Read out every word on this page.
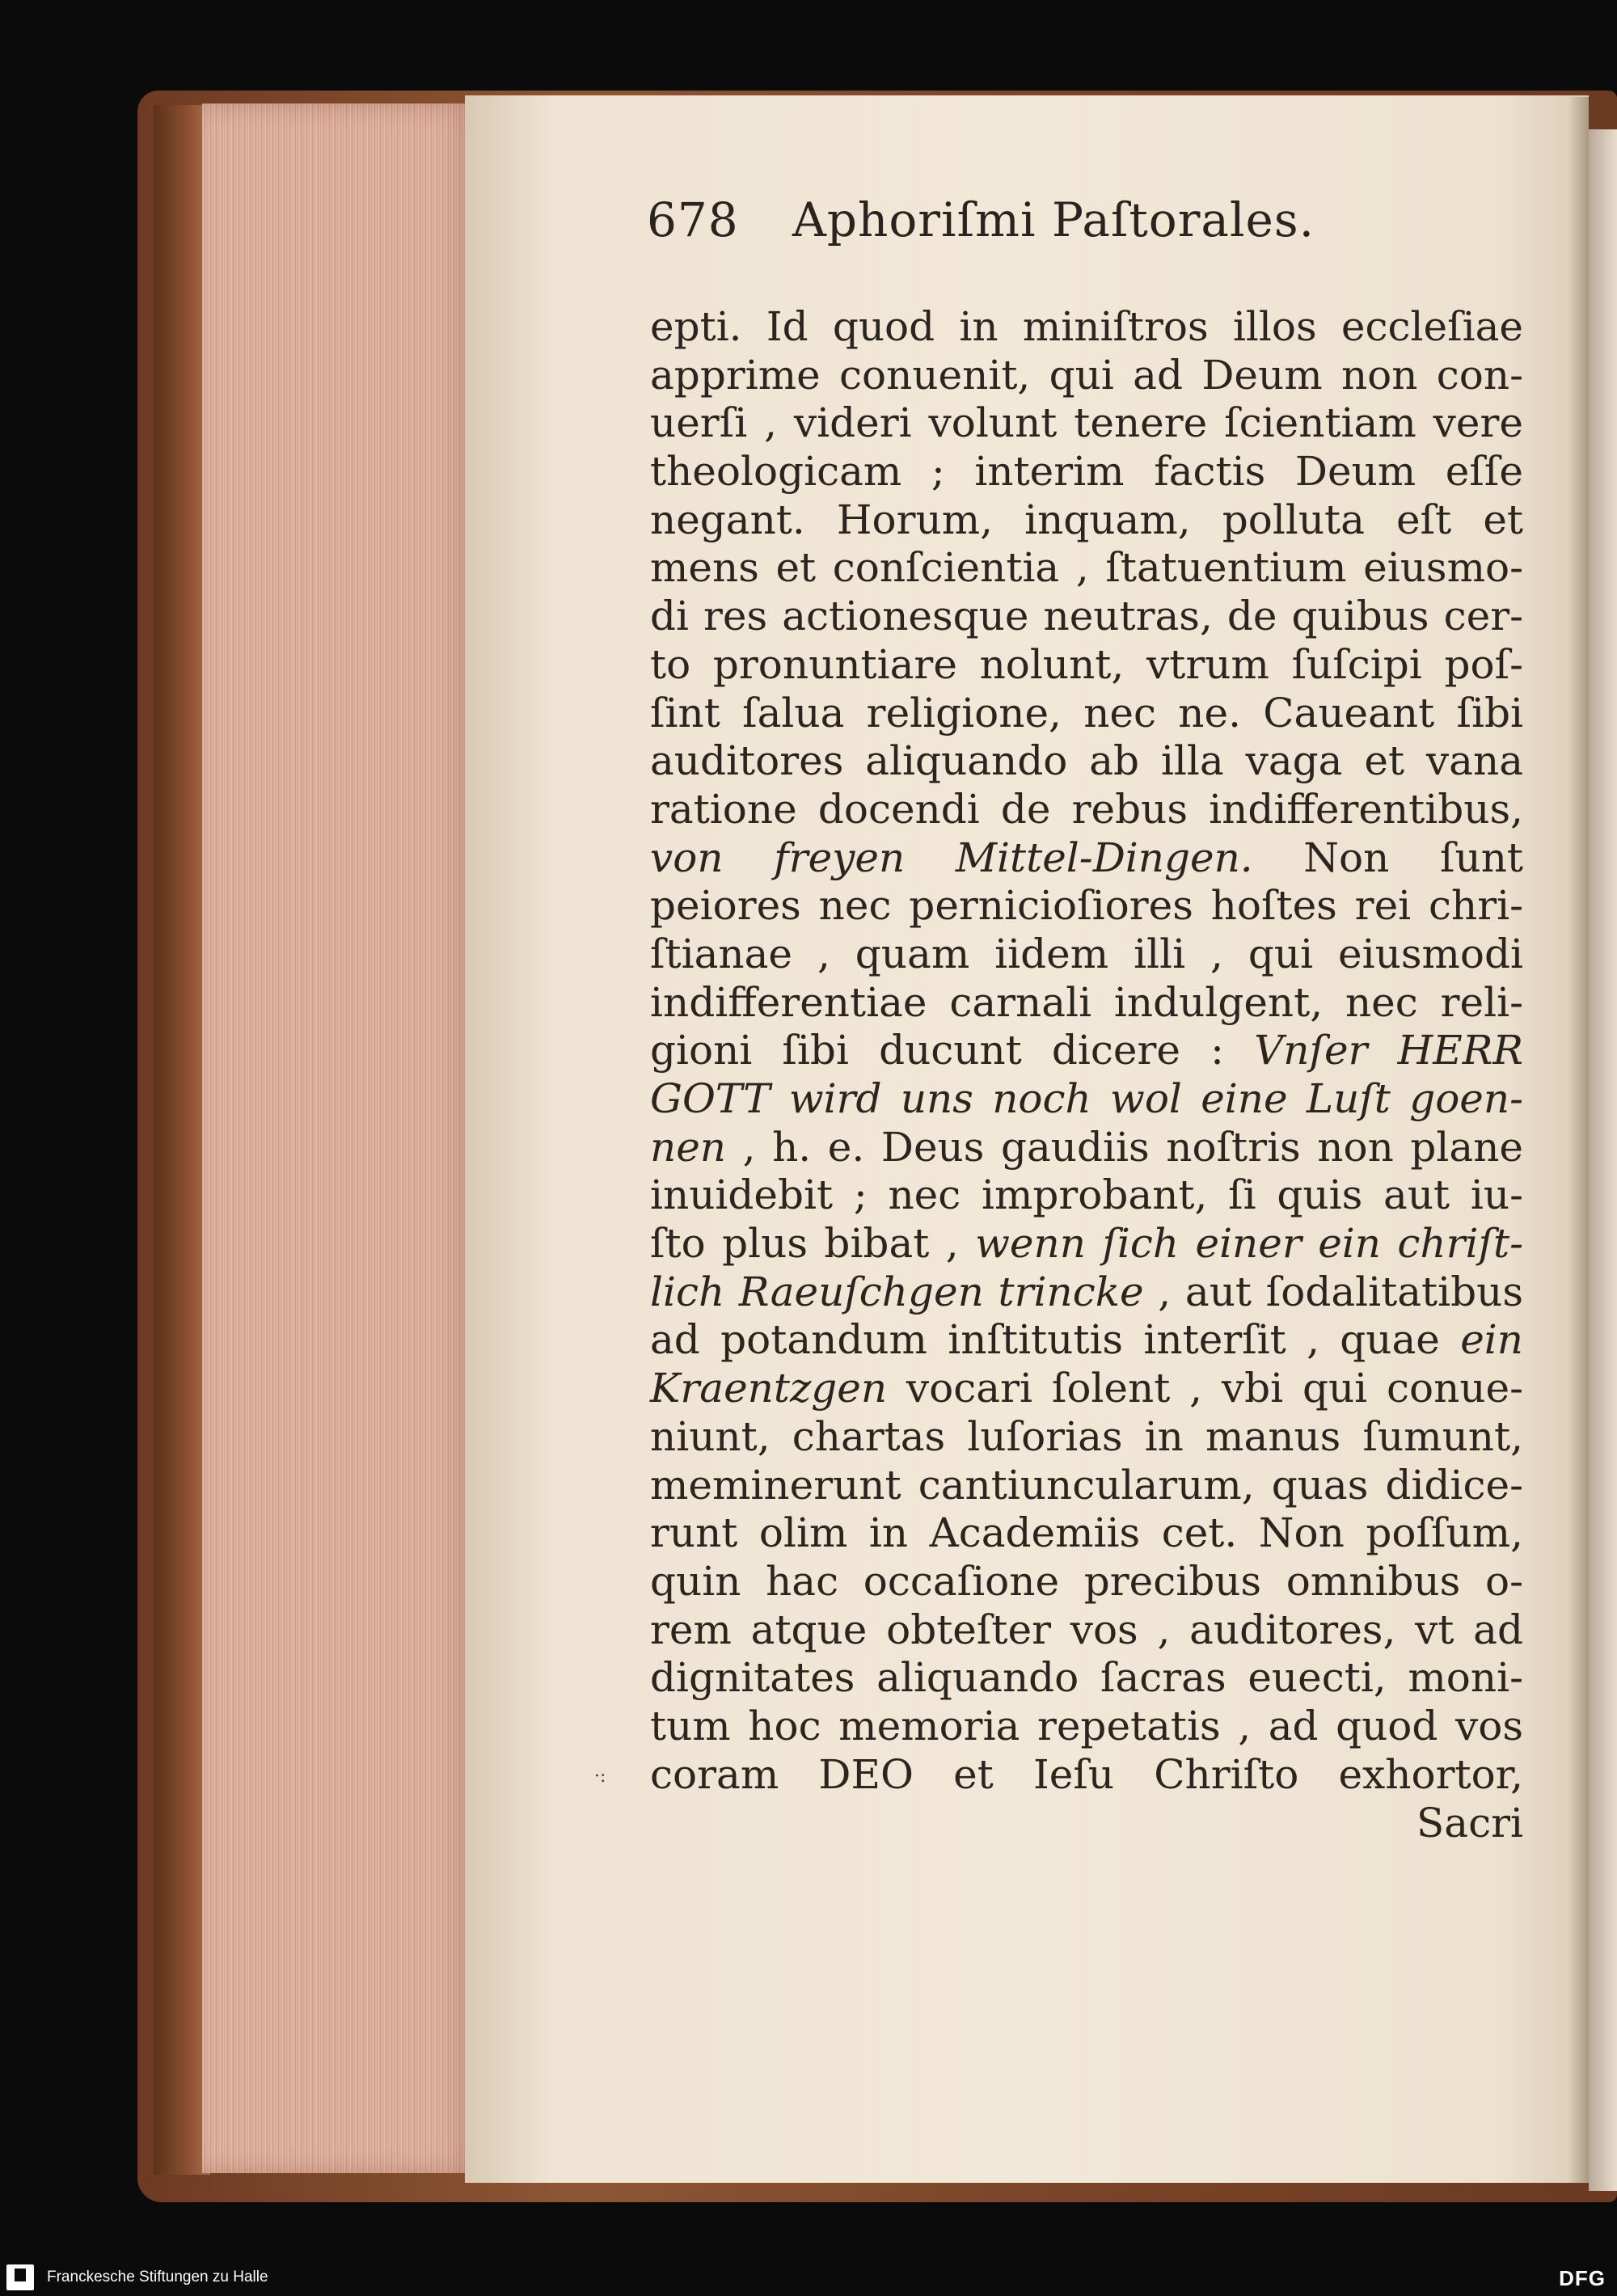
678 Aphoriſmi Paſtorales.
epti. Id quod in miniſtros illos eccleſiae
apprime conuenit, qui ad Deum non con-
uerſi , videri volunt tenere ſcientiam vere
theologicam ; interim factis Deum eſſe
negant. Horum, inquam, polluta eſt et
mens et conſcientia , ſtatuentium eiusmo-
di res actionesque neutras, de quibus cer-
to pronuntiare nolunt, vtrum ſuſcipi poſ-
ſint ſalua religione, nec ne. Caueant ſibi
auditores aliquando ab illa vaga et vana
ratione docendi de rebus indifferentibus,
von freyen Mittel-Dingen. Non ſunt
peiores nec pernicioſiores hoſtes rei chri-
ſtianae , quam iidem illi , qui eiusmodi
indifferentiae carnali indulgent, nec reli-
gioni ſibi ducunt dicere : Vnſer HERR
GOTT wird uns noch wol eine Luſt goen-
nen , h. e. Deus gaudiis noſtris non plane
inuidebit ; nec improbant, ſi quis aut iu-
ſto plus bibat , wenn ſich einer ein chriſt-
lich Raeuſchgen trincke , aut ſodalitatibus
ad potandum inſtitutis interſit , quae ein
Kraentzgen vocari ſolent , vbi qui conue-
niunt, chartas luſorias in manus ſumunt,
meminerunt cantiuncularum, quas didice-
runt olim in Academiis cet. Non poſſum,
quin hac occaſione precibus omnibus o-
rem atque obteſter vos , auditores, vt ad
dignitates aliquando ſacras euecti, moni-
tum hoc memoria repetatis , ad quod vos
coram DEO et Ieſu Chriſto exhortor,
Sacri
·:
Franckesche Stiftungen zu Halle	DFG
